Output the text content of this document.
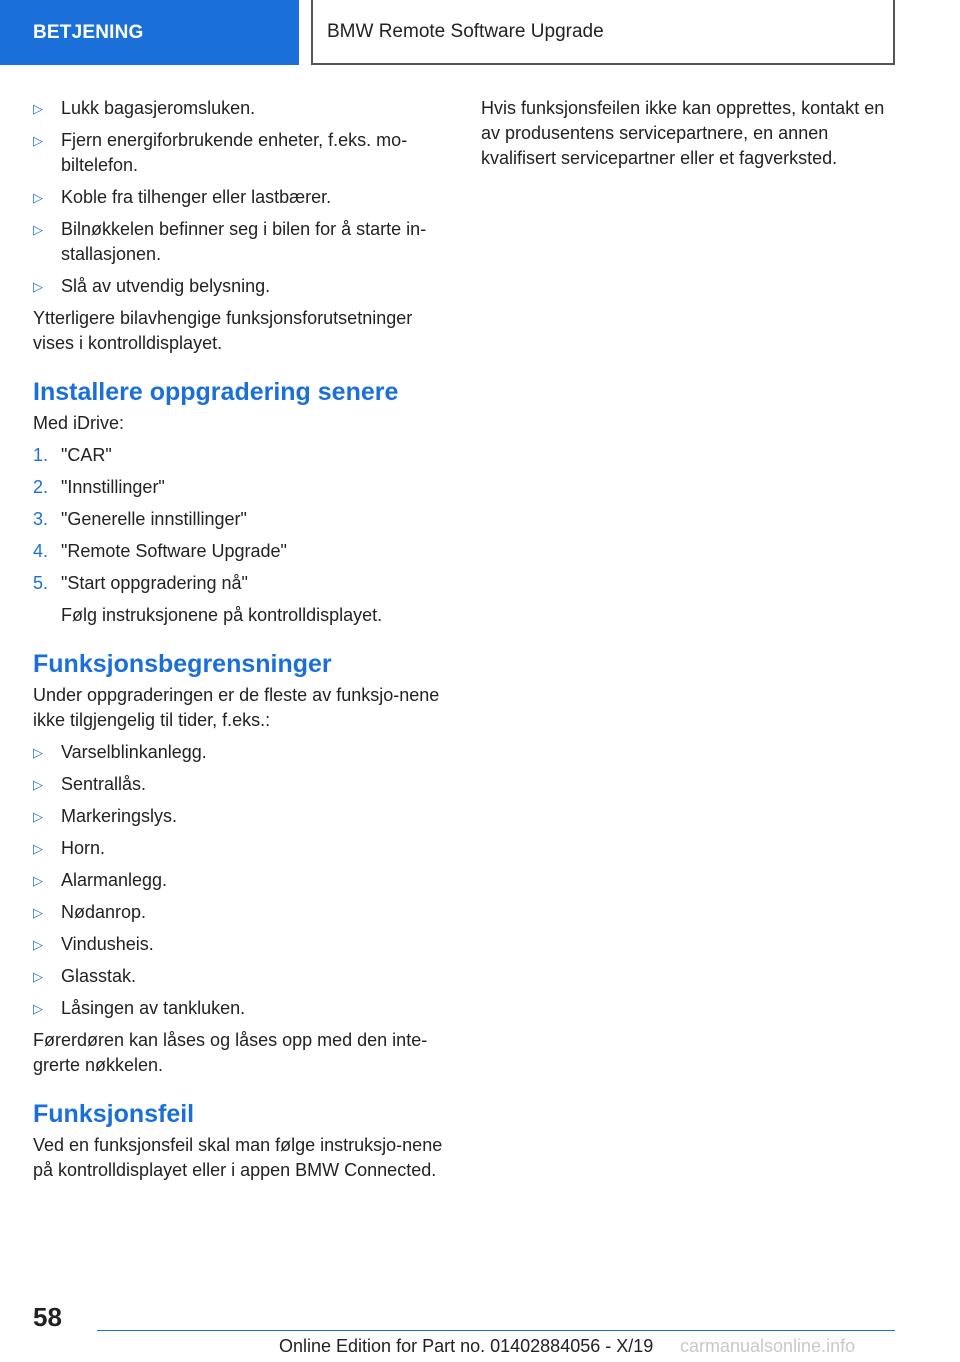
BETJENING	BMW Remote Software Upgrade
▷	Lukk bagasjeromsluken.
▷	Fjern energiforbrukende enheter, f.eks. mo-biltelefon.
▷	Koble fra tilhenger eller lastbærer.
▷	Bilnøkkelen befinner seg i bilen for å starte in-stallasjonen.
▷	Slå av utvendig belysning.

Ytterligere bilavhengige funksjonsforutsetninger vises i kontrolldisplayet.

Installere oppgradering senere

Med iDrive:

1. "CAR"
2. "Innstillinger"
3. "Generelle innstillinger"
4. "Remote Software Upgrade"
5. "Start oppgradering nå"

Følg instruksjonene på kontrolldisplayet.

Funksjonsbegrensninger

Under oppgraderingen er de fleste av funksjo-nene ikke tilgjengelig til tider, f.eks.:

▷	Varselblinkanlegg.
▷	Sentrallås.
▷	Markeringslys.
▷	Horn.
▷	Alarmanlegg.
▷	Nødanrop.
▷	Vindusheis.
▷	Glasstak.
▷	Låsingen av tankluken.

Førerdøren kan låses og låses opp med den inte-grerte nøkkelen.

Funksjonsfeil

Ved en funksjonsfeil skal man følge instruksjo-nene på kontrolldisplayet eller i appen BMW Connected.

Hvis funksjonsfeilen ikke kan opprettes, kontakt en av produsentens servicepartnere, en annen kvalifisert servicepartner eller et fagverksted.

58
Online Edition for Part no. 01402884056 - X/19 carmanualsonline.info
